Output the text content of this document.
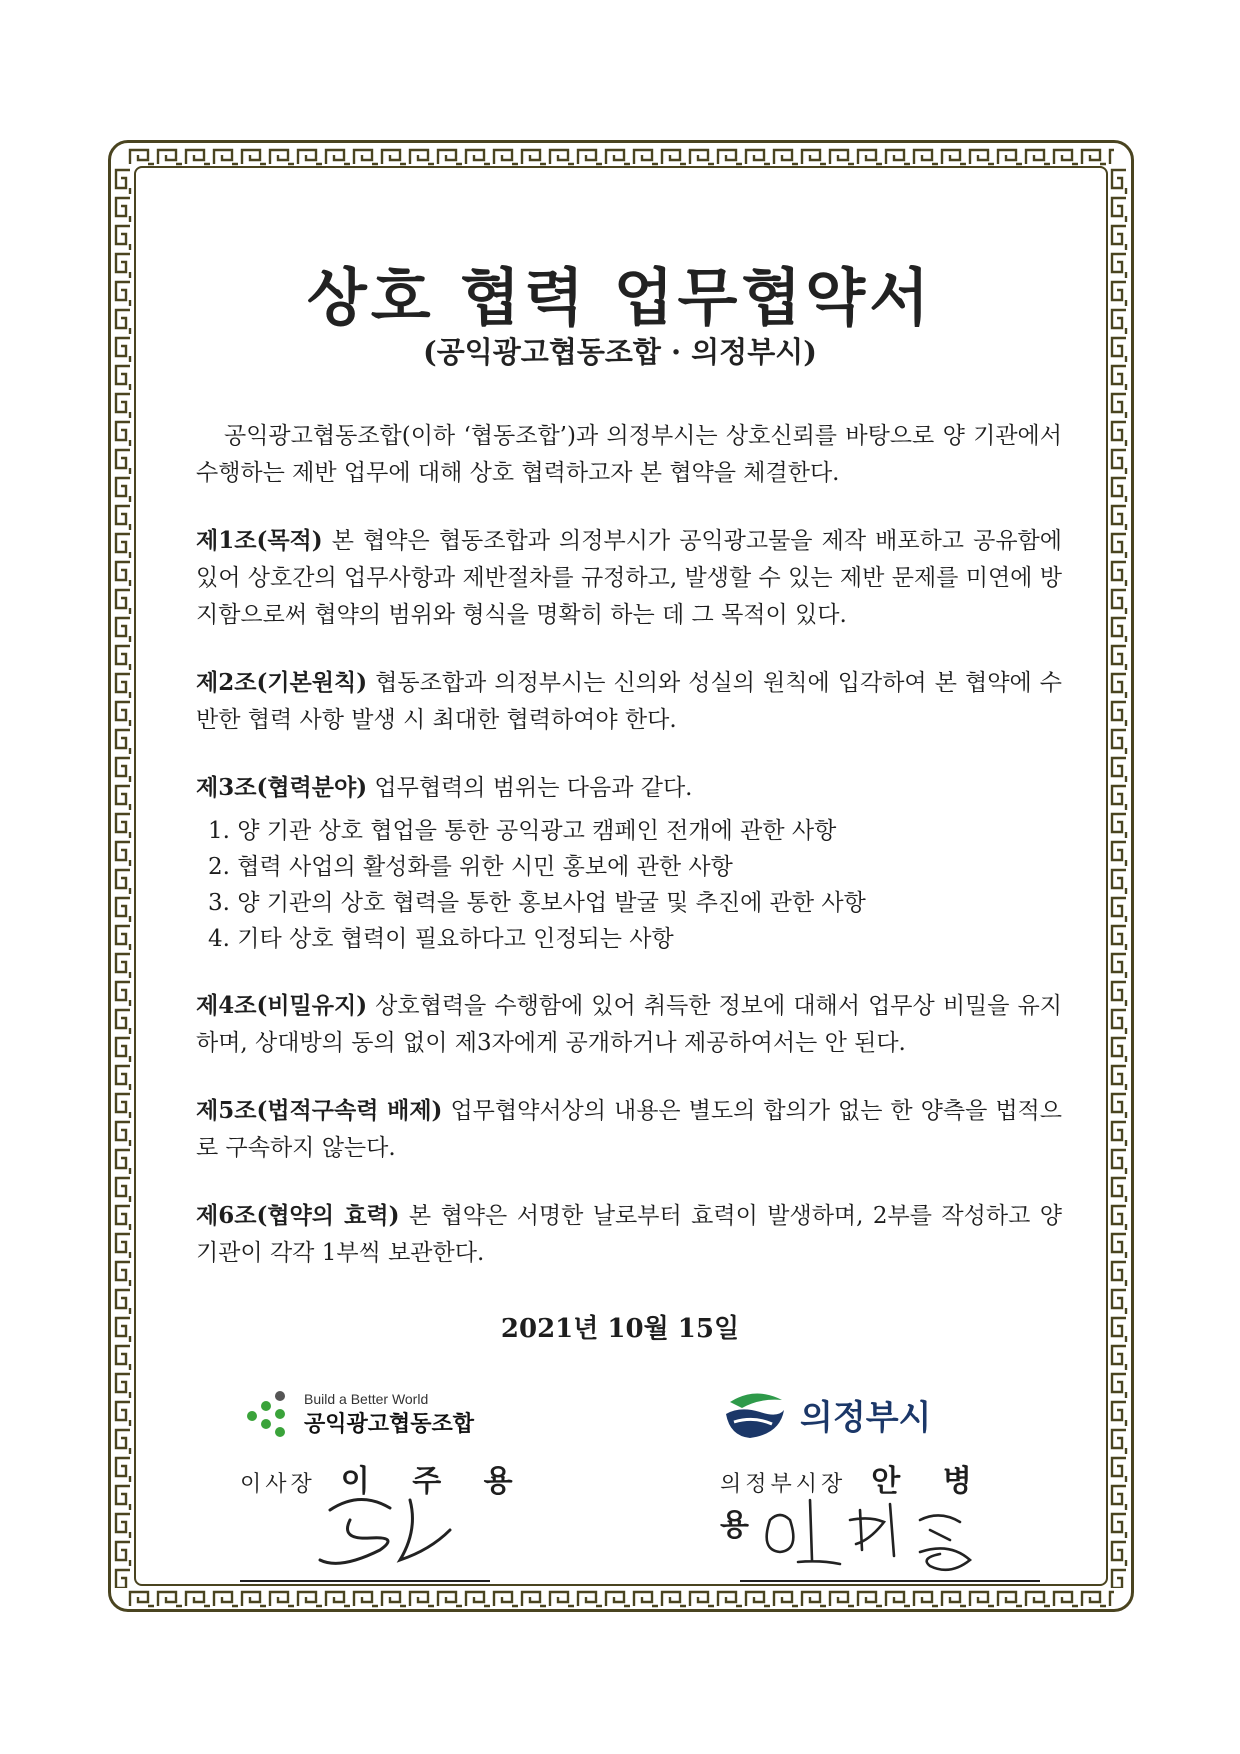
상호 협력 업무협약서
(공익광고협동조합 · 의정부시)

공익광고협동조합(이하 ‘협동조합’)과 의정부시는 상호신뢰를 바탕으로 양 기관에서 수행하는 제반 업무에 대해 상호 협력하고자 본 협약을 체결한다.

제1조(목적) 본 협약은 협동조합과 의정부시가 공익광고물을 제작 배포하고 공유함에 있어 상호간의 업무사항과 제반절차를 규정하고, 발생할 수 있는 제반 문제를 미연에 방지함으로써 협약의 범위와 형식을 명확히 하는 데 그 목적이 있다.

제2조(기본원칙) 협동조합과 의정부시는 신의와 성실의 원칙에 입각하여 본 협약에 수반한 협력 사항 발생 시 최대한 협력하여야 한다.

제3조(협력분야) 업무협력의 범위는 다음과 같다.

1. 양 기관 상호 협업을 통한 공익광고 캠페인 전개에 관한 사항
2. 협력 사업의 활성화를 위한 시민 홍보에 관한 사항
3. 양 기관의 상호 협력을 통한 홍보사업 발굴 및 추진에 관한 사항
4. 기타 상호 협력이 필요하다고 인정되는 사항

제4조(비밀유지) 상호협력을 수행함에 있어 취득한 정보에 대해서 업무상 비밀을 유지하며, 상대방의 동의 없이 제3자에게 공개하거나 제공하여서는 안 된다.

제5조(법적구속력 배제) 업무협약서상의 내용은 별도의 합의가 없는 한 양측을 법적으로 구속하지 않는다.

제6조(협약의 효력) 본 협약은 서명한 날로부터 효력이 발생하며, 2부를 작성하고 양 기관이 각각 1부씩 보관한다.

2021년 10월 15일
Build a Better World
공익광고협동조합
이사장 이 주 용
의정부시
의정부시장 안 병 용
